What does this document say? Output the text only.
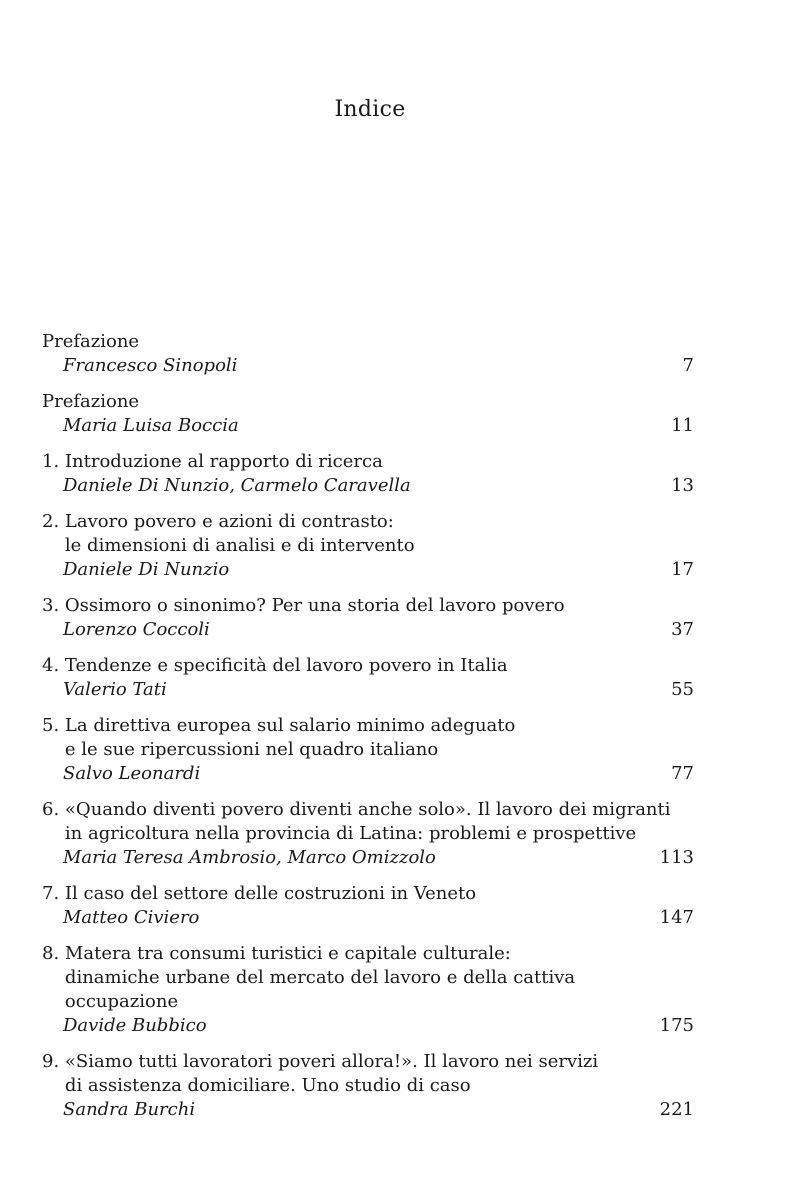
Indice
Prefazione
Francesco Sinopoli	7
Prefazione
Maria Luisa Boccia	11
1.
Introduzione al rapporto di ricerca
Daniele Di Nunzio, Carmelo Caravella	13
2.
Lavoro povero e azioni di contrasto:
le dimensioni di analisi e di intervento
Daniele Di Nunzio	17
3.
Ossimoro o sinonimo? Per una storia del lavoro povero
Lorenzo Coccoli	37
4.
Tendenze e specificità del lavoro povero in Italia
Valerio Tati	55
5.
La direttiva europea sul salario minimo adeguato
e le sue ripercussioni nel quadro italiano
Salvo Leonardi	77
6.
«Quando diventi povero diventi anche solo». Il lavoro dei migranti
in agricoltura nella provincia di Latina: problemi e prospettive
Maria Teresa Ambrosio, Marco Omizzolo	113
7.
Il caso del settore delle costruzioni in Veneto
Matteo Civiero	147
8.
Matera tra consumi turistici e capitale culturale:
dinamiche urbane del mercato del lavoro e della cattiva occupazione
Davide Bubbico	175
9.
«Siamo tutti lavoratori poveri allora!». Il lavoro nei servizi
di assistenza domiciliare. Uno studio di caso
Sandra Burchi	221
